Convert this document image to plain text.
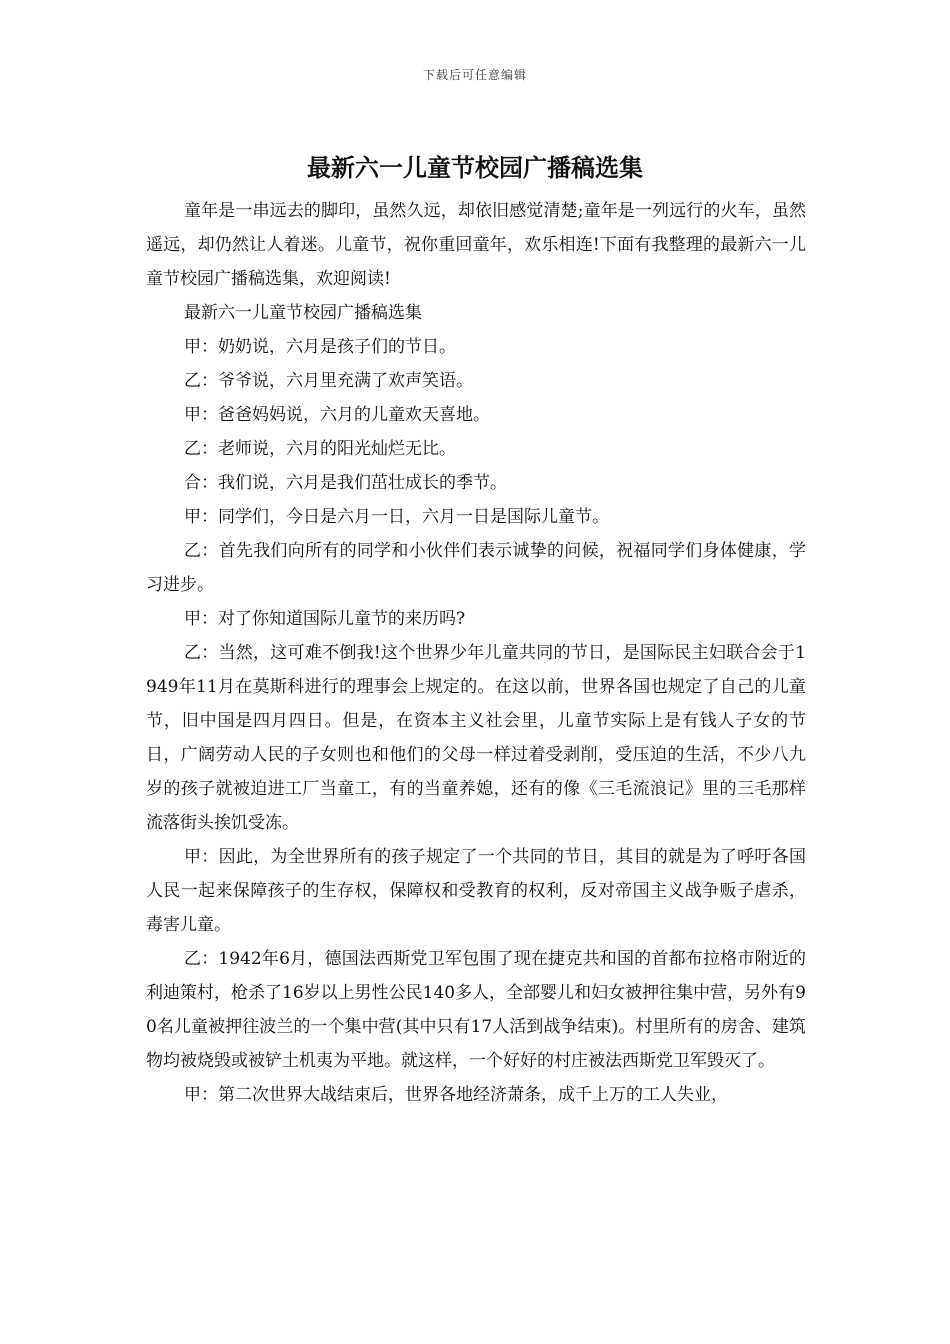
下载后可任意编辑
最新六一儿童节校园广播稿选集

童年是一串远去的脚印，虽然久远，却依旧感觉清楚;童年是一列远行的火车，虽然遥远，却仍然让人着迷。儿童节，祝你重回童年，欢乐相连!下面有我整理的最新六一儿童节校园广播稿选集，欢迎阅读!

最新六一儿童节校园广播稿选集

甲：奶奶说，六月是孩子们的节日。

乙：爷爷说，六月里充满了欢声笑语。

甲：爸爸妈妈说，六月的儿童欢天喜地。

乙：老师说，六月的阳光灿烂无比。

合：我们说，六月是我们茁壮成长的季节。

甲：同学们，今日是六月一日，六月一日是国际儿童节。

乙：首先我们向所有的同学和小伙伴们表示诚挚的问候，祝福同学们身体健康，学习进步。

甲：对了你知道国际儿童节的来历吗?

乙：当然，这可难不倒我!这个世界少年儿童共同的节日，是国际民主妇联合会于1949年11月在莫斯科进行的理事会上规定的。在这以前，世界各国也规定了自己的儿童节，旧中国是四月四日。但是，在资本主义社会里，儿童节实际上是有钱人子女的节日，广阔劳动人民的子女则也和他们的父母一样过着受剥削，受压迫的生活，不少八九岁的孩子就被迫进工厂当童工，有的当童养媳，还有的像《三毛流浪记》里的三毛那样流落街头挨饥受冻。

甲：因此，为全世界所有的孩子规定了一个共同的节日，其目的就是为了呼吁各国人民一起来保障孩子的生存权，保障权和受教育的权利，反对帝国主义战争贩子虐杀，毒害儿童。

乙：1942年6月，德国法西斯党卫军包围了现在捷克共和国的首都布拉格市附近的利迪策村，枪杀了16岁以上男性公民140多人，全部婴儿和妇女被押往集中营，另外有90名儿童被押往波兰的一个集中营(其中只有17人活到战争结束)。村里所有的房舍、建筑物均被烧毁或被铲土机夷为平地。就这样，一个好好的村庄被法西斯党卫军毁灭了。

甲：第二次世界大战结束后，世界各地经济萧条，成千上万的工人失业，
